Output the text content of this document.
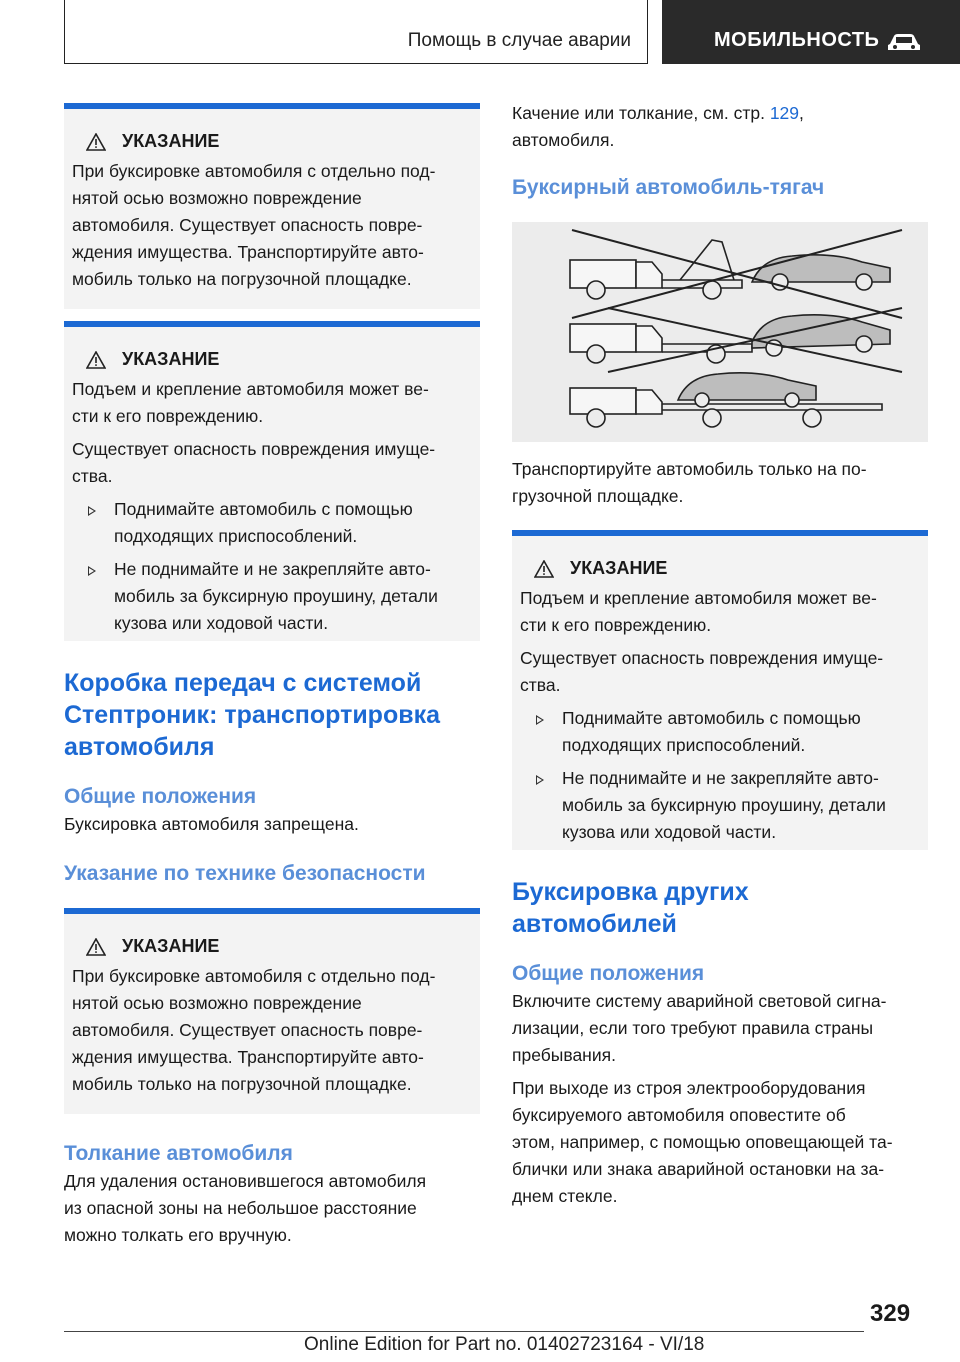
Помощь в случае аварии	МОБИЛЬНОСТЬ
УКАЗАНИЕ

При буксировке автомобиля с отдельно под-
нятой осью возможно повреждение
автомобиля. Существует опасность повре-
ждения имущества. Транспортируйте авто-
мобиль только на погрузочной площадке.

УКАЗАНИЕ

Подъем и крепление автомобиля может ве-
сти к его повреждению.

Существует опасность повреждения имуще-
ства.

Поднимайте автомобиль с помощью
подходящих приспособлений.
Не поднимайте и не закрепляйте авто-
мобиль за буксирную проушину, детали
кузова или ходовой части.
Коробка передач с системой
Стептроник: транспортировка
автомобиля
Общие положения

Буксировка автомобиля запрещена.

Указание по технике безопасности
УКАЗАНИЕ

При буксировке автомобиля с отдельно под-
нятой осью возможно повреждение
автомобиля. Существует опасность повре-
ждения имущества. Транспортируйте авто-
мобиль только на погрузочной площадке.

Толкание автомобиля

Для удаления остановившегося автомобиля
из опасной зоны на небольшое расстояние
можно толкать его вручную.

Качение или толкание, см. стр. 129,
автомобиля.

Буксирный автомобиль-тягач

Транспортируйте автомобиль только на по-
грузочной площадке.

УКАЗАНИЕ

Подъем и крепление автомобиля может ве-
сти к его повреждению.

Существует опасность повреждения имуще-
ства.

Поднимайте автомобиль с помощью
подходящих приспособлений.
Не поднимайте и не закрепляйте авто-
мобиль за буксирную проушину, детали
кузова или ходовой части.
Буксировка других
автомобилей
Общие положения

Включите систему аварийной световой сигна-
лизации, если того требуют правила страны
пребывания.

При выходе из строя электрооборудования
буксируемого автомобиля оповестите об
этом, например, с помощью оповещающей та-
блички или знака аварийной остановки на за-
днем стекле.

329
Online Edition for Part no. 01402723164 - VI/18
